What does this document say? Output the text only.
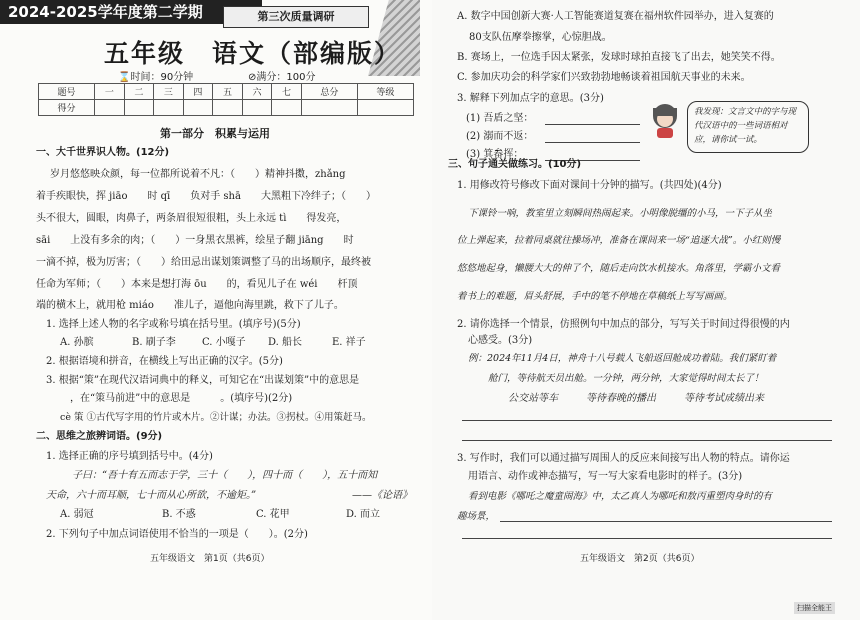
2024-2025学年度第二学期	第三次质量调研
五年级　语文（部编版）
⌛时间：90分钟	⊘满分：100分
题号	一	二	三	四	五	六	七	总分	等级
得分									
第一部分　积累与运用
一、大千世界识人物。(12分)
岁月悠悠映众颜，每一位都所说着不凡：（　　）精神抖擞，zhǎng
着手疾眼快，挥 jiāo　　时 qī　　负对手 shā　　大黑粗下冷绊子；（　　）
头不很大，圆眼，肉鼻子，两条眉很短很粗，头上永远 tì　　得发亮，
sāi　　上没有多余的肉；（　　）一身黑衣黑裤，绘星子翻 jiāng　　时
一滴不掉，极为厉害；（　　）给田忌出谋划策调整了马的出场顺序，最终被
任命为军师；（　　）本来是想打海 ōu　　的，看见儿子在 wéi　　杆顶
端的横木上，就用枪 miáo　　准儿子，逼他向海里跳，救下了儿子。
1. 选择上述人物的名字或称号填在括号里。(填序号)(5分)
A. 孙膑	B. 刷子李	C. 小嘎子 D. 船长	E. 祥子
2. 根据语境和拼音，在横线上写出正确的汉字。(5分)
3. 根据“策”在现代汉语词典中的释义，可知它在“出谋划策”中的意思是
　　　，在“策马前进”中的意思是　　　。(填序号)(2分)
cè 策 ①古代写字用的竹片或木片。②计谋；办法。③拐杖。④用策赶马。
二、思维之旅辨词语。(9分)
1. 选择正确的序号填到括号中。(4分)
子曰：“吾十有五而志于学，三十（　　），四十而（　　），五十而知
天命，六十而耳顺，七十而从心所欲，不逾矩。”	——《论语》
A. 弱冠	B. 不惑	C. 花甲	D. 而立
2. 下列句子中加点词语使用不恰当的一项是（　　）。(2分)
五年级语文　第1页（共6页）
A. 数字中国创新大赛·人工智能赛道复赛在福州软件园举办，进入复赛的
80支队伍摩拳擦掌，心惊胆战。
B. 赛场上，一位选手因太紧张，发球时球拍直接飞了出去，她笑笑不得。
C. 参加庆功会的科学家们兴致勃勃地畅谈着祖国航天事业的未来。
3. 解释下列加点字的意思。(3分)
(1) 吾盾之坚：
(2) 溺而不返：
(3) 箕畚挥：
我发现：文言文中的字与现代汉语中的一些词语相对应，请你试一试。
三、句子通关做练习。(10分)
1. 用修改符号修改下面对课间十分钟的描写。(共四处)(4分)
下课铃一响，教室里立刻瞬间热闹起来。小明像脱缰的小马，一下子从坐
位上弹起来，拉着同桌就往操场冲，准备在课间来一场“追逐大战”。小红则慢
悠悠地起身，懒腰大大的伸了个，随后走向饮水机接水。角落里，学霸小文看
着书上的难题，眉头舒展，手中的笔不停地在草稿纸上写写画画。
2. 请你选择一个情景，仿照例句中加点的部分，写写关于时间过得很慢的内
心感受。(3分)
例：2024年11月4日，神舟十八号载人飞船返回舱成功着陆。我们紧盯着
舱门，等待航天员出舱。一分钟，两分钟，大家觉得时间太长了！
公交站等车	等待春晚的播出	等待考试成绩出来
3. 写作时，我们可以通过描写周围人的反应来间接写出人物的特点。请你运
用语言、动作或神态描写，写一写大家看电影时的样子。(3分)
看到电影《哪吒之魔童闹海》中，太乙真人为哪吒和敖丙重塑肉身时的有
趣场景，
五年级语文　第2页（共6页）
扫描全能王
